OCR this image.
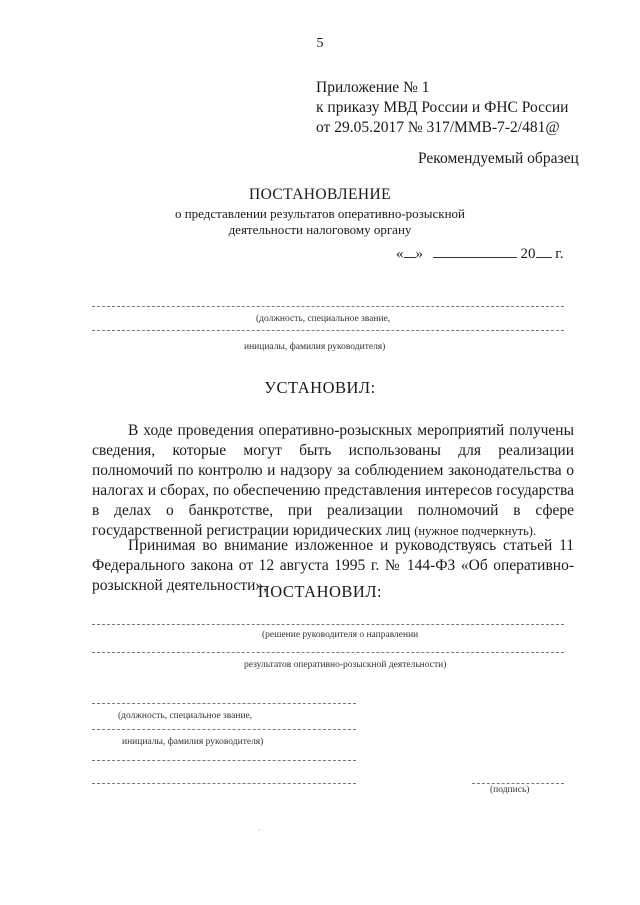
5
Приложение № 1
к приказу МВД России и ФНС России
от 29.05.2017 № 317/ММВ-7-2/481@
Рекомендуемый образец
ПОСТАНОВЛЕНИЕ
о представлении результатов оперативно-розыскной
деятельности налоговому органу
« »	20 г.
(должность, специальное звание,
инициалы, фамилия руководителя)
УСТАНОВИЛ:

В ходе проведения оперативно-розыскных мероприятий получены сведения, которые могут быть использованы для реализации полномочий по контролю и надзору за соблюдением законодательства о налогах и сборах, по обеспечению представления интересов государства в делах о банкротстве, при реализации полномочий в сфере государственной регистрации юридических лиц (нужное подчеркнуть).

Принимая во внимание изложенное и руководствуясь статьей 11 Федерального закона от 12 августа 1995 г. № 144-ФЗ «Об оперативно-розыскной деятельности»,

ПОСТАНОВИЛ:
(решение руководителя о направлении
результатов оперативно-розыскной деятельности)
(должность, специальное звание,
инициалы, фамилия руководителя)
(подпись)
·
